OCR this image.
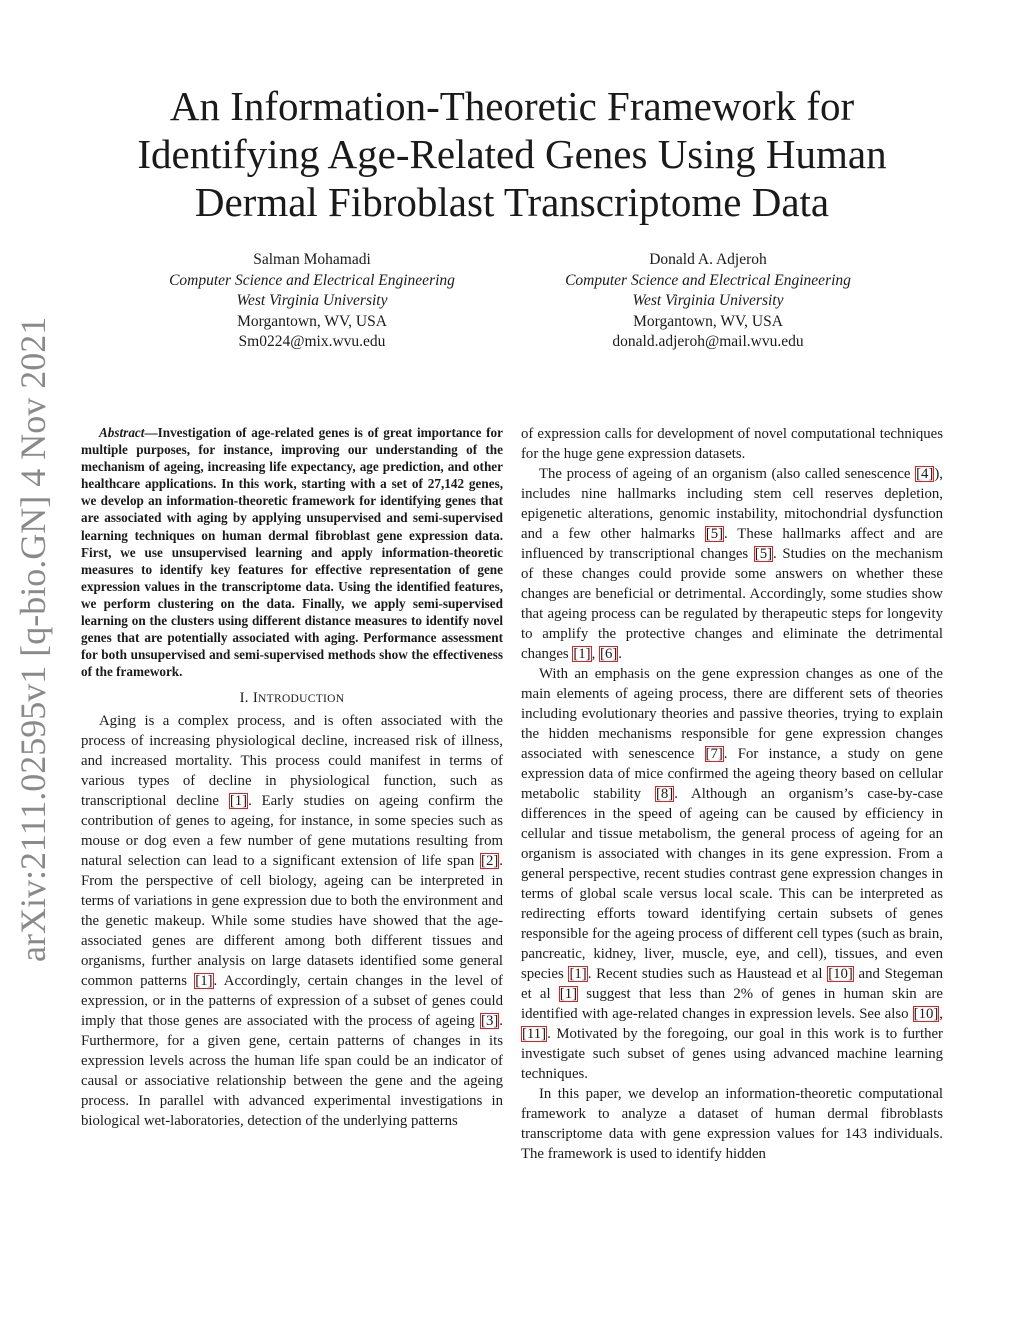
arXiv:2111.02595v1 [q-bio.GN] 4 Nov 2021
An Information-Theoretic Framework for
Identifying Age-Related Genes Using Human
Dermal Fibroblast Transcriptome Data
Salman Mohamadi
Computer Science and Electrical Engineering
West Virginia University
Morgantown, WV, USA
Sm0224@mix.wvu.edu
Donald A. Adjeroh
Computer Science and Electrical Engineering
West Virginia University
Morgantown, WV, USA
donald.adjeroh@mail.wvu.edu

Abstract—Investigation of age-related genes is of great importance for multiple purposes, for instance, improving our understanding of the mechanism of ageing, increasing life expectancy, age prediction, and other healthcare applications. In this work, starting with a set of 27,142 genes, we develop an information-theoretic framework for identifying genes that are associated with aging by applying unsupervised and semi-supervised learning techniques on human dermal fibroblast gene expression data. First, we use unsupervised learning and apply information-theoretic measures to identify key features for effective representation of gene expression values in the transcriptome data. Using the identified features, we perform clustering on the data. Finally, we apply semi-supervised learning on the clusters using different distance measures to identify novel genes that are potentially associated with aging. Performance assessment for both unsupervised and semi-supervised methods show the effectiveness of the framework.

I. INTRODUCTION

Aging is a complex process, and is often associated with the process of increasing physiological decline, increased risk of illness, and increased mortality. This process could manifest in terms of various types of decline in physiological function, such as transcriptional decline [1]. Early studies on ageing confirm the contribution of genes to ageing, for instance, in some species such as mouse or dog even a few number of gene mutations resulting from natural selection can lead to a significant extension of life span [2]. From the perspective of cell biology, ageing can be interpreted in terms of variations in gene expression due to both the environment and the genetic makeup. While some studies have showed that the age-associated genes are different among both different tissues and organisms, further analysis on large datasets identified some general common patterns [1]. Accordingly, certain changes in the level of expression, or in the patterns of expression of a subset of genes could imply that those genes are associated with the process of ageing [3]. Furthermore, for a given gene, certain patterns of changes in its expression levels across the human life span could be an indicator of causal or associative relationship between the gene and the ageing process. In parallel with advanced experimental investigations in biological wet-laboratories, detection of the underlying patterns

of expression calls for development of novel computational techniques for the huge gene expression datasets.

The process of ageing of an organism (also called senescence [4]), includes nine hallmarks including stem cell reserves depletion, epigenetic alterations, genomic instability, mitochondrial dysfunction and a few other halmarks [5]. These hallmarks affect and are influenced by transcriptional changes [5]. Studies on the mechanism of these changes could provide some answers on whether these changes are beneficial or detrimental. Accordingly, some studies show that ageing process can be regulated by therapeutic steps for longevity to amplify the protective changes and eliminate the detrimental changes [1], [6].

With an emphasis on the gene expression changes as one of the main elements of ageing process, there are different sets of theories including evolutionary theories and passive theories, trying to explain the hidden mechanisms responsible for gene expression changes associated with senescence [7]. For instance, a study on gene expression data of mice confirmed the ageing theory based on cellular metabolic stability [8]. Although an organism’s case-by-case differences in the speed of ageing can be caused by efficiency in cellular and tissue metabolism, the general process of ageing for an organism is associated with changes in its gene expression. From a general perspective, recent studies contrast gene expression changes in terms of global scale versus local scale. This can be interpreted as redirecting efforts toward identifying certain subsets of genes responsible for the ageing process of different cell types (such as brain, pancreatic, kidney, liver, muscle, eye, and cell), tissues, and even species [1]. Recent studies such as Haustead et al [10] and Stegeman et al [1] suggest that less than 2% of genes in human skin are identified with age-related changes in expression levels. See also [10], [11]. Motivated by the foregoing, our goal in this work is to further investigate such subset of genes using advanced machine learning techniques.

In this paper, we develop an information-theoretic computational framework to analyze a dataset of human dermal fibroblasts transcriptome data with gene expression values for 143 individuals. The framework is used to identify hidden
